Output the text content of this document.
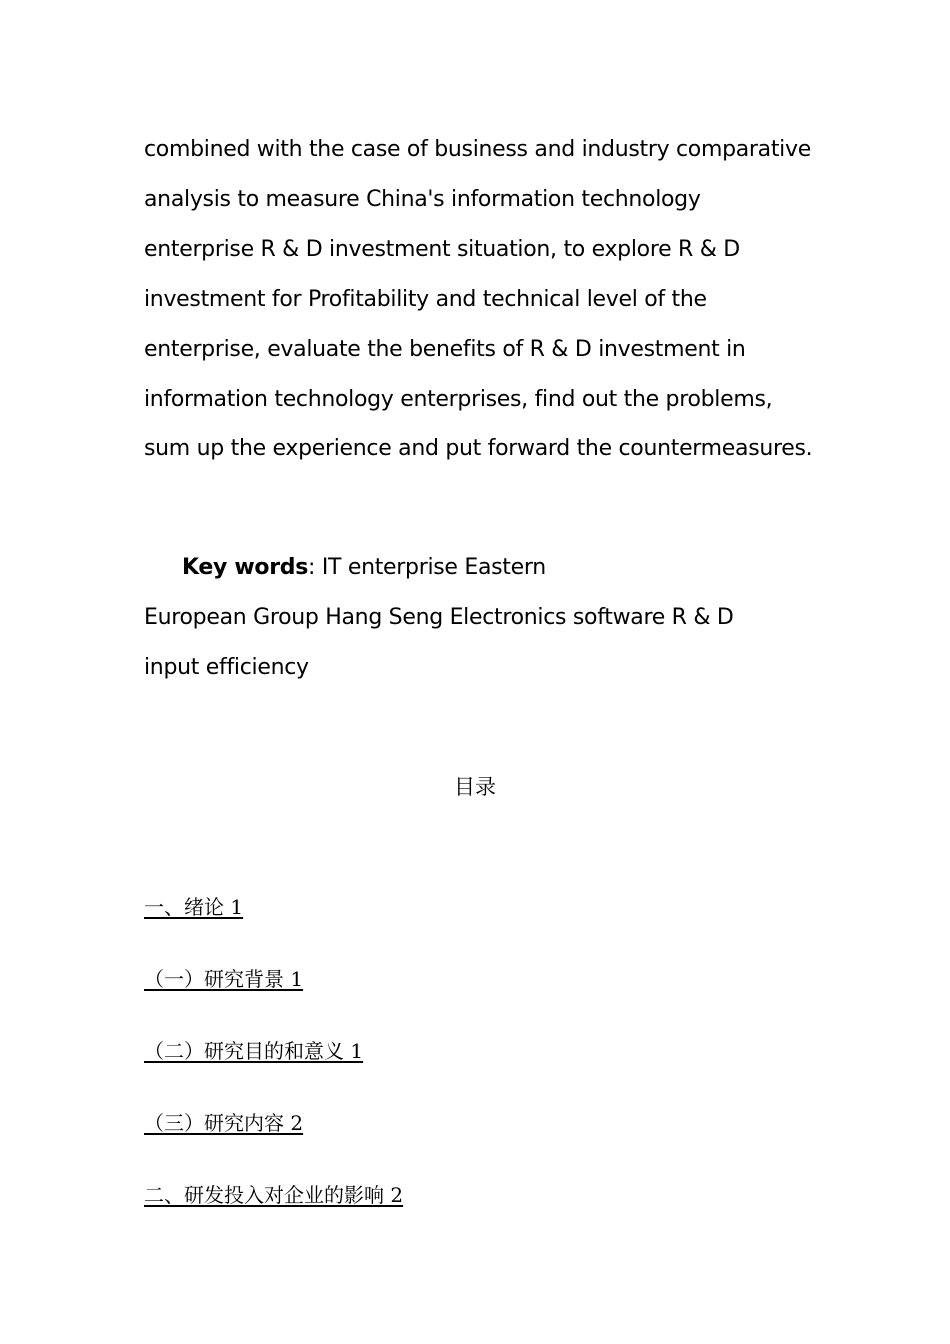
combined with the case of business and industry comparative
analysis to measure China's information technology
enterprise R & D investment situation, to explore R & D
investment for Profitability and technical level of the
enterprise, evaluate the benefits of R & D investment in
information technology enterprises, find out the problems,
sum up the experience and put forward the countermeasures.
Key words: IT enterprise Eastern
European Group Hang Seng Electronics software R & D
input efficiency
目录
一、绪论 1
（一）研究背景 1
（二）研究目的和意义 1
（三）研究内容 2
二、研发投入对企业的影响 2
